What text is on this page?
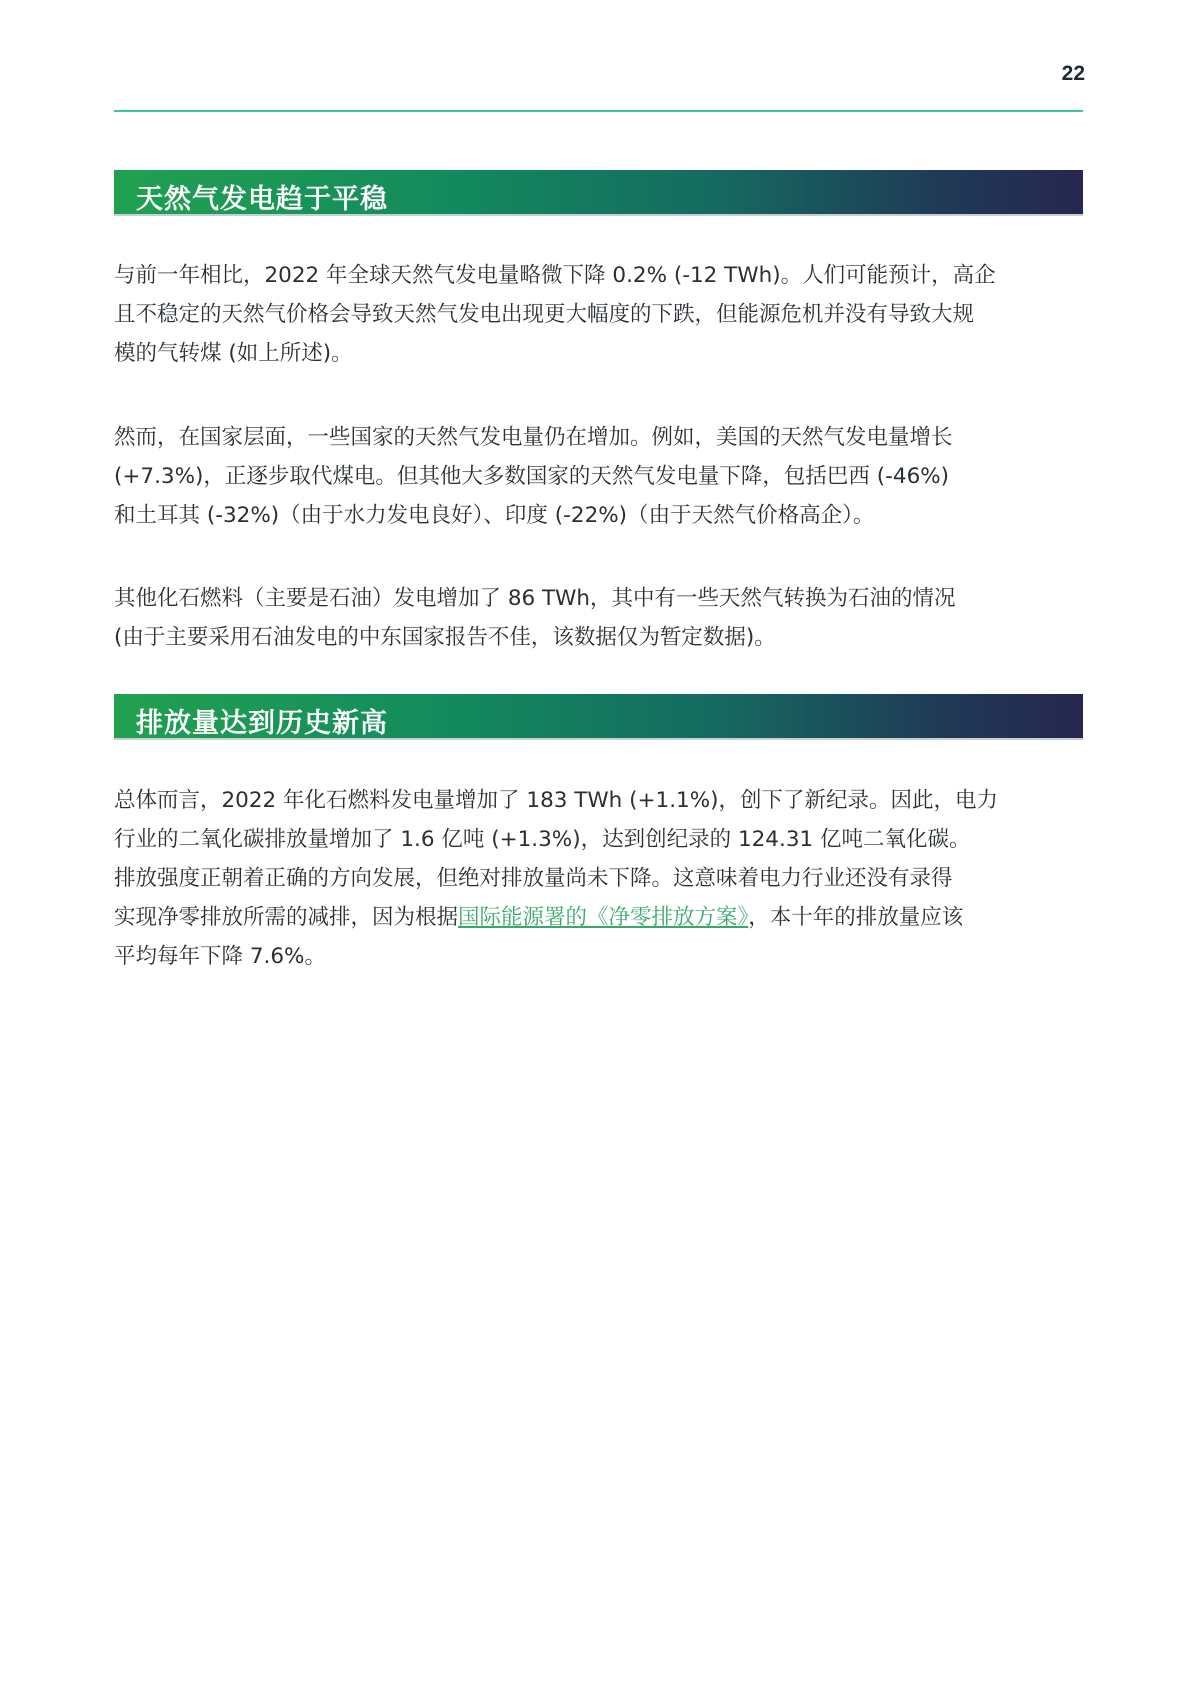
22
天然气发电趋于平稳
与前一年相比，2022 年全球天然气发电量略微下降 0.2% (-12 TWh)。人们可能预计，高企
且不稳定的天然气价格会导致天然气发电出现更大幅度的下跌，但能源危机并没有导致大规
模的气转煤 (如上所述)。
然而，在国家层面，一些国家的天然气发电量仍在增加。例如，美国的天然气发电量增长
(+7.3%)，正逐步取代煤电。但其他大多数国家的天然气发电量下降，包括巴西 (-46%)
和土耳其 (-32%)（由于水力发电良好）、印度 (-22%)（由于天然气价格高企）。
其他化石燃料（主要是石油）发电增加了 86 TWh，其中有一些天然气转换为石油的情况
(由于主要采用石油发电的中东国家报告不佳，该数据仅为暂定数据)。
排放量达到历史新高
总体而言，2022 年化石燃料发电量增加了 183 TWh (+1.1%)，创下了新纪录。因此，电力
行业的二氧化碳排放量增加了 1.6 亿吨 (+1.3%)，达到创纪录的 124.31 亿吨二氧化碳。
排放强度正朝着正确的方向发展，但绝对排放量尚未下降。这意味着电力行业还没有录得
实现净零排放所需的减排，因为根据国际能源署的《净零排放方案》，本十年的排放量应该
平均每年下降 7.6%。
